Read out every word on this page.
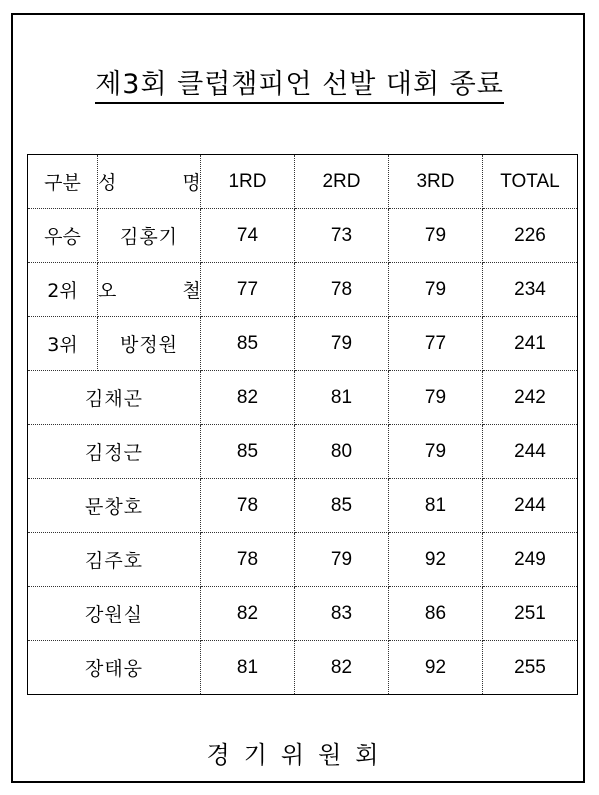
제3회 클럽챔피언 선발 대회 종료
구분	성  명	1RD	2RD	3RD	TOTAL
우승	김홍기	74	73	79	226
2위	오  철	77	78	79	234
3위	방정원	85	79	77	241
김채곤		82	81	79	242
김정근		85	80	79	244
문창호		78	85	81	244
김주호		78	79	92	249
강원실		82	83	86	251
장태웅		81	82	92	255
경기위원회
